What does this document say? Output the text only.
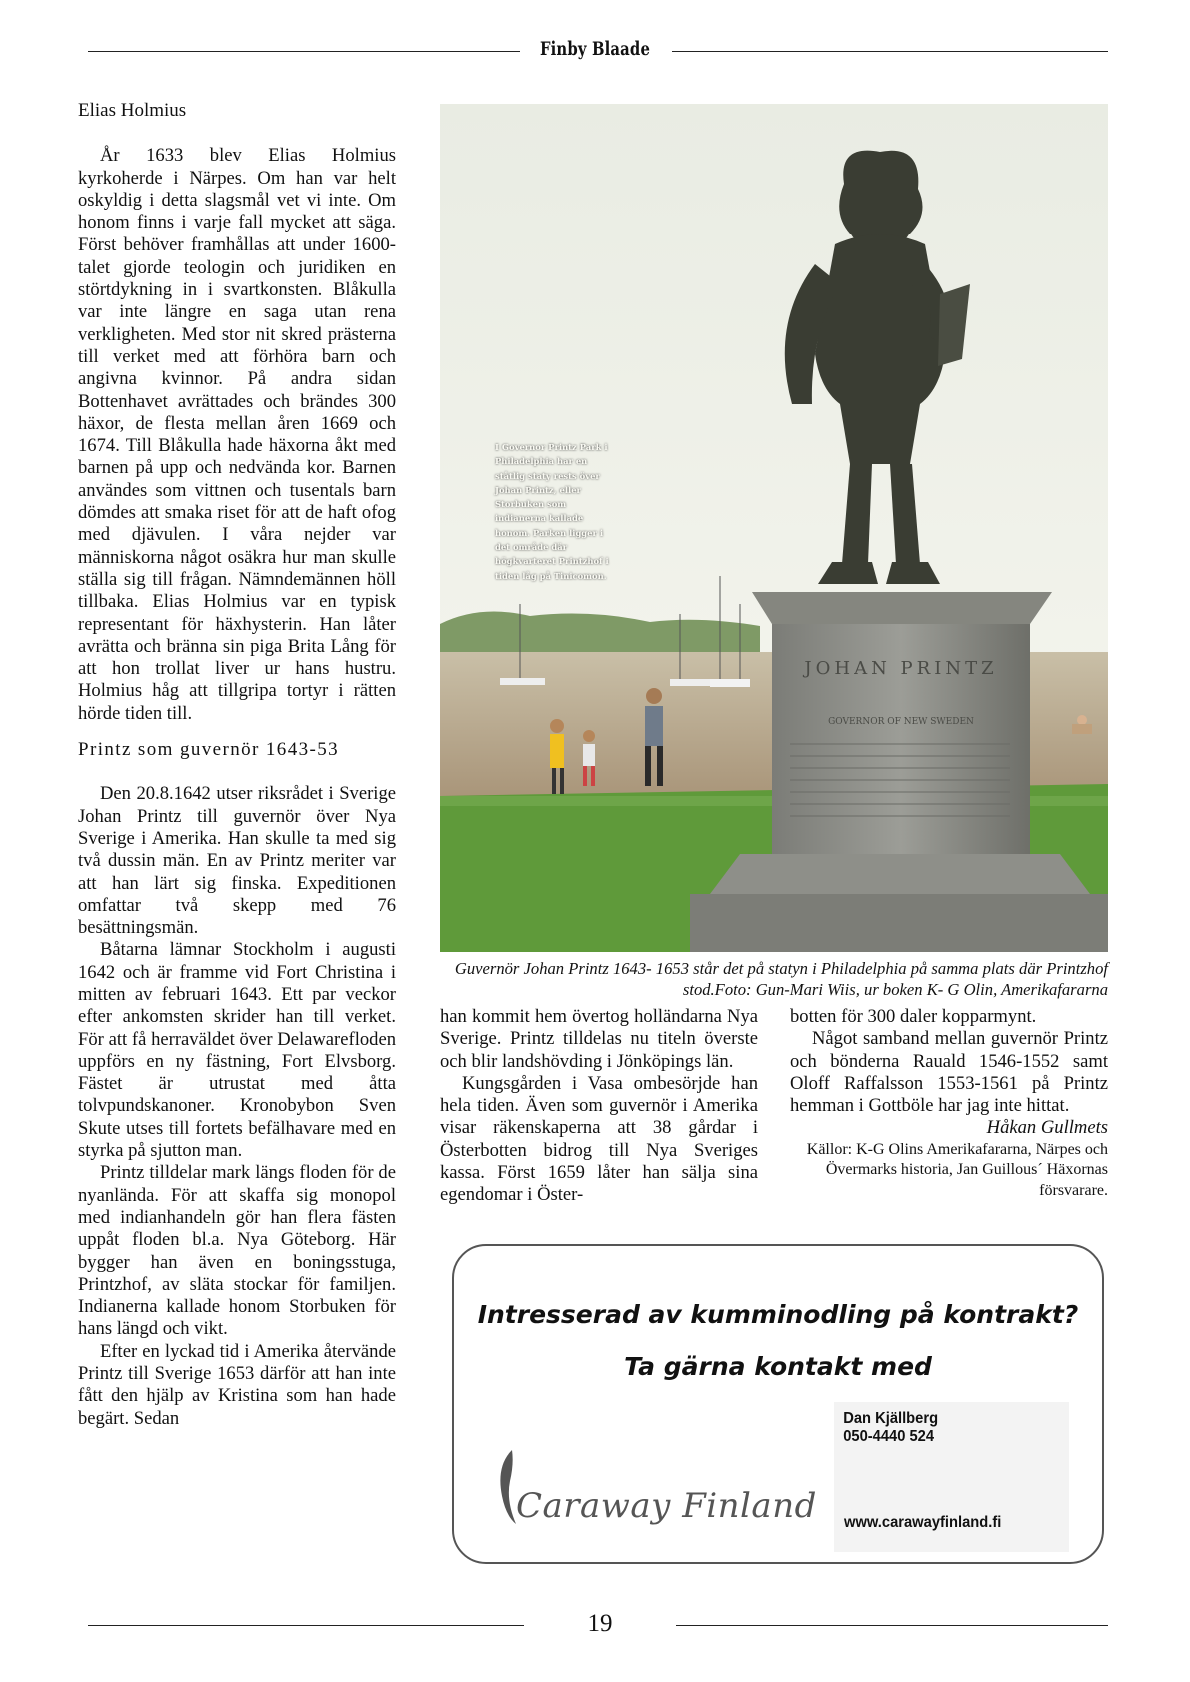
Finby Blaade

Elias Holmius

År 1633 blev Elias Holmius kyrkoherde i Närpes. Om han var helt oskyldig i detta slagsmål vet vi inte. Om honom finns i varje fall mycket att säga. Först behöver framhållas att under 1600-talet gjorde teologin och juridiken en störtdykning in i svartkonsten. Blåkulla var inte längre en saga utan rena verkligheten. Med stor nit skred prästerna till verket med att förhöra barn och angivna kvinnor. På andra sidan Bottenhavet avrättades och brändes 300 häxor, de flesta mellan åren 1669 och 1674. Till Blåkulla hade häxorna åkt med barnen på upp och nedvända kor. Barnen användes som vittnen och tusentals barn dömdes att smaka riset för att de haft ofog med djävulen. I våra nejder var människorna något osäkra hur man skulle ställa sig till frågan. Nämndemännen höll tillbaka. Elias Holmius var en typisk representant för häxhysterin. Han låter avrätta och bränna sin piga Brita Lång för att hon trollat liver ur hans hustru. Holmius håg att tillgripa tortyr i rätten hörde tiden till.

Printz som guvernör 1643-53

Den 20.8.1642 utser riksrådet i Sverige Johan Printz till guvernör över Nya Sverige i Amerika. Han skulle ta med sig två dussin män. En av Printz meriter var att han lärt sig finska. Expeditionen omfattar två skepp med 76 besättningsmän.

Båtarna lämnar Stockholm i augusti 1642 och är framme vid Fort Christina i mitten av februari 1643. Ett par veckor efter ankomsten skrider han till verket. För att få herraväldet över Delawarefloden uppförs en ny fästning, Fort Elvsborg. Fästet är utrustat med åtta tolvpundskanoner. Kronobybon Sven Skute utses till fortets befälhavare med en styrka på sjutton man.

Printz tilldelar mark längs floden för de nyanlända. För att skaffa sig monopol med indianhandeln gör han flera fästen uppåt floden bl.a. Nya Göteborg. Här bygger han även en boningsstuga, Printzhof, av släta stockar för familjen. Indianerna kallade honom Storbuken för hans längd och vikt.

Efter en lyckad tid i Amerika återvände Printz till Sverige 1653 därför att han inte fått den hjälp av Kristina som han hade begärt. Sedan

JOHAN PRINTZ
GOVERNOR OF NEW SWEDEN
I Governor Printz Park i Philadelphia har en ståtlig staty rests över Johan Printz, eller Storbuken som indianerna kallade honom. Parken ligger i det område där högkvarteret Printzhof i tiden låg på Tinicomon.
Guvernör Johan Printz 1643- 1653 står det på statyn i Philadelphia på samma plats där Printzhof stod.Foto: Gun-Mari Wiis, ur boken K- G Olin, Amerikafararna

han kommit hem övertog holländarna Nya Sverige. Printz tilldelas nu titeln överste och blir landshövding i Jönköpings län.

Kungsgården i Vasa ombesörjde han hela tiden. Även som guvernör i Amerika visar räkenskaperna att 38 gårdar i Österbotten bidrog till Nya Sveriges kassa. Först 1659 låter han sälja sina egendomar i Öster-

botten för 300 daler kopparmynt.

Något samband mellan guvernör Printz och bönderna Rauald 1546-1552 samt Oloff Raffalsson 1553-1561 på Printz hemman i Gottböle har jag inte hittat.

Håkan Gullmets

Källor: K-G Olins Amerikafararna, Närpes och Övermarks historia, Jan Guillous´ Häxornas försvarare.

Intresserad av kumminodling på kontrakt?
Ta gärna kontakt med
Dan Kjällberg
050-4440 524
www.carawayfinland.fi
Caraway Finland
19
